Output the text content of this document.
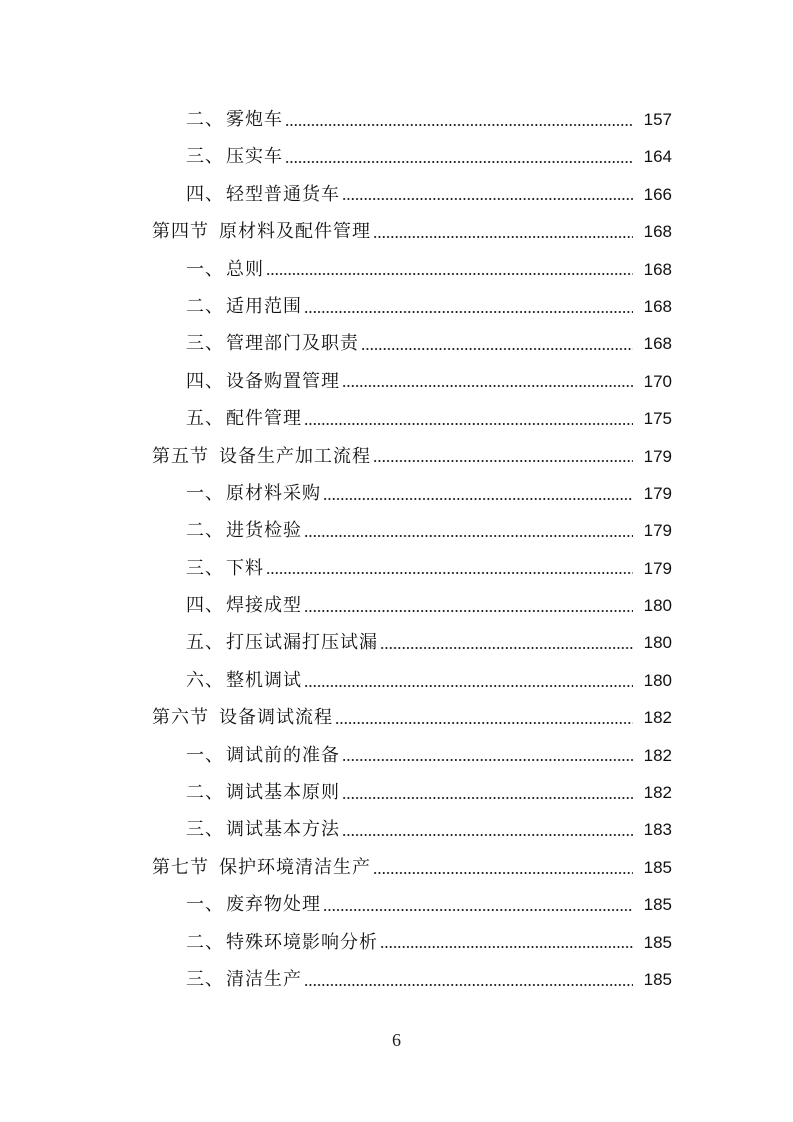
二、 雾炮车	157
三、 压实车	164
四、 轻型普通货车	166
第四节 原材料及配件管理	168
一、 总则	168
二、 适用范围	168
三、 管理部门及职责	168
四、 设备购置管理	170
五、 配件管理	175
第五节 设备生产加工流程	179
一、 原材料采购	179
二、 进货检验	179
三、 下料	179
四、 焊接成型	180
五、 打压试漏打压试漏	180
六、 整机调试	180
第六节 设备调试流程	182
一、 调试前的准备	182
二、 调试基本原则	182
三、 调试基本方法	183
第七节 保护环境清洁生产	185
一、 废弃物处理	185
二、 特殊环境影响分析	185
三、 清洁生产	185
6
